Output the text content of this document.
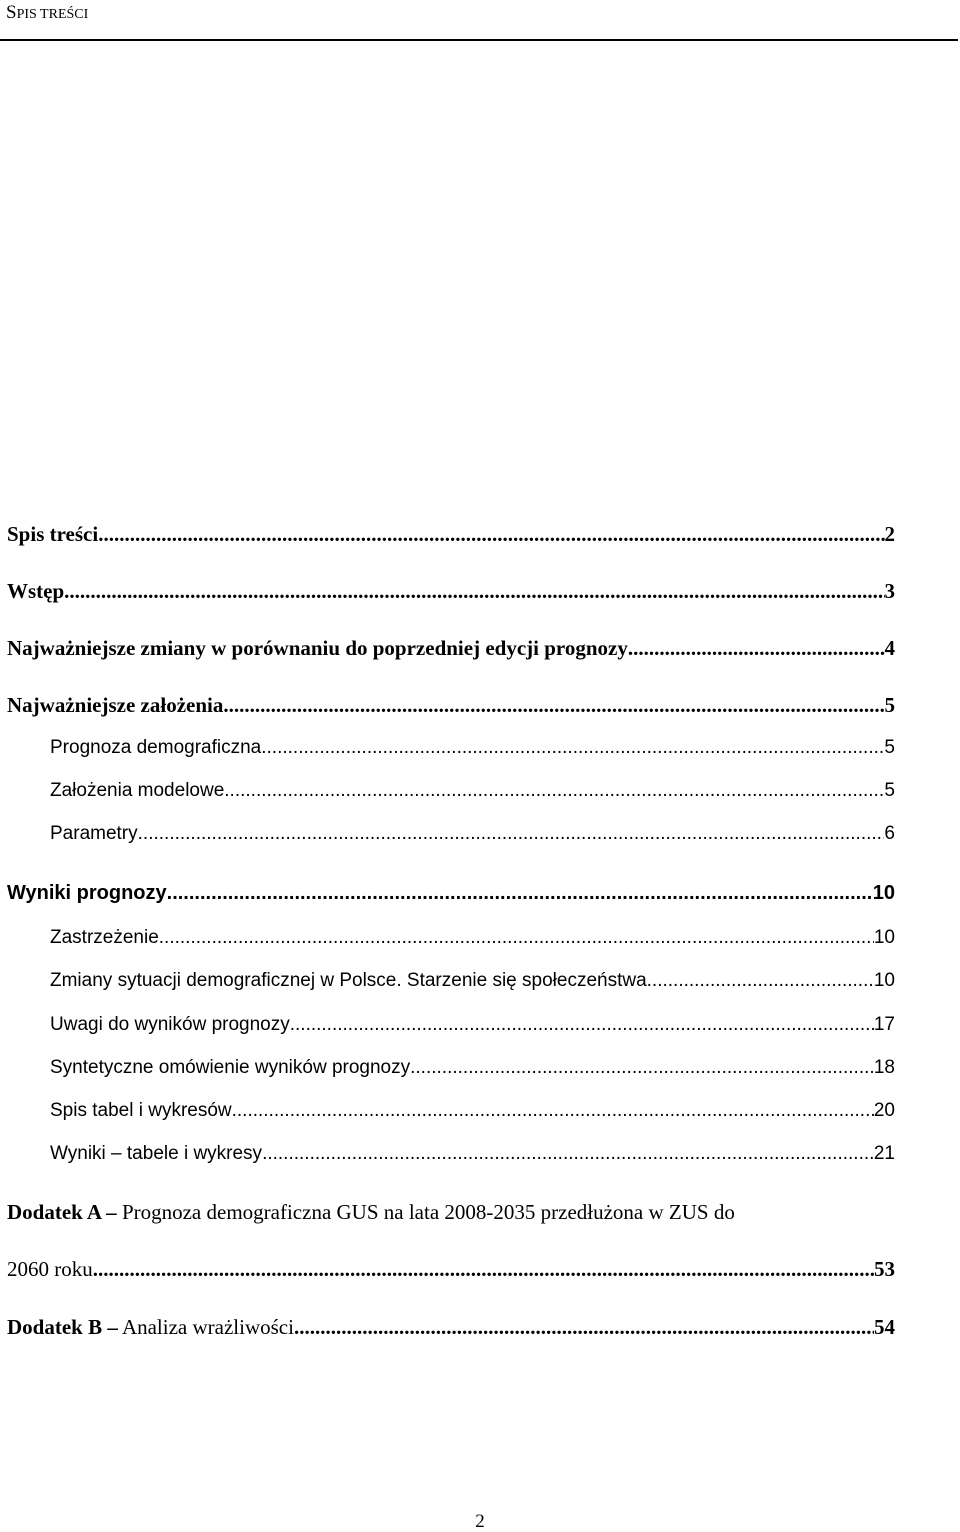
SPIS TREŚCI
Spis treści .....	2
Wstęp .....	3
Najważniejsze zmiany w porównaniu do poprzedniej edycji prognozy .....	4
Najważniejsze założenia .....	5
Prognoza demograficzna .....	5
Założenia modelowe .....	5
Parametry .....	6
Wyniki prognozy .....	10
Zastrzeżenie .....	10
Zmiany sytuacji demograficznej w Polsce. Starzenie się społeczeństwa .....	10
Uwagi do wyników prognozy .....	17
Syntetyczne omówienie wyników prognozy .....	18
Spis tabel i wykresów .....	20
Wyniki – tabele i wykresy .....	21
Dodatek A – Prognoza demograficzna GUS na lata 2008-2035 przedłużona w ZUS do
2060 roku .....	53
Dodatek B – Analiza wrażliwości .....	54
2
